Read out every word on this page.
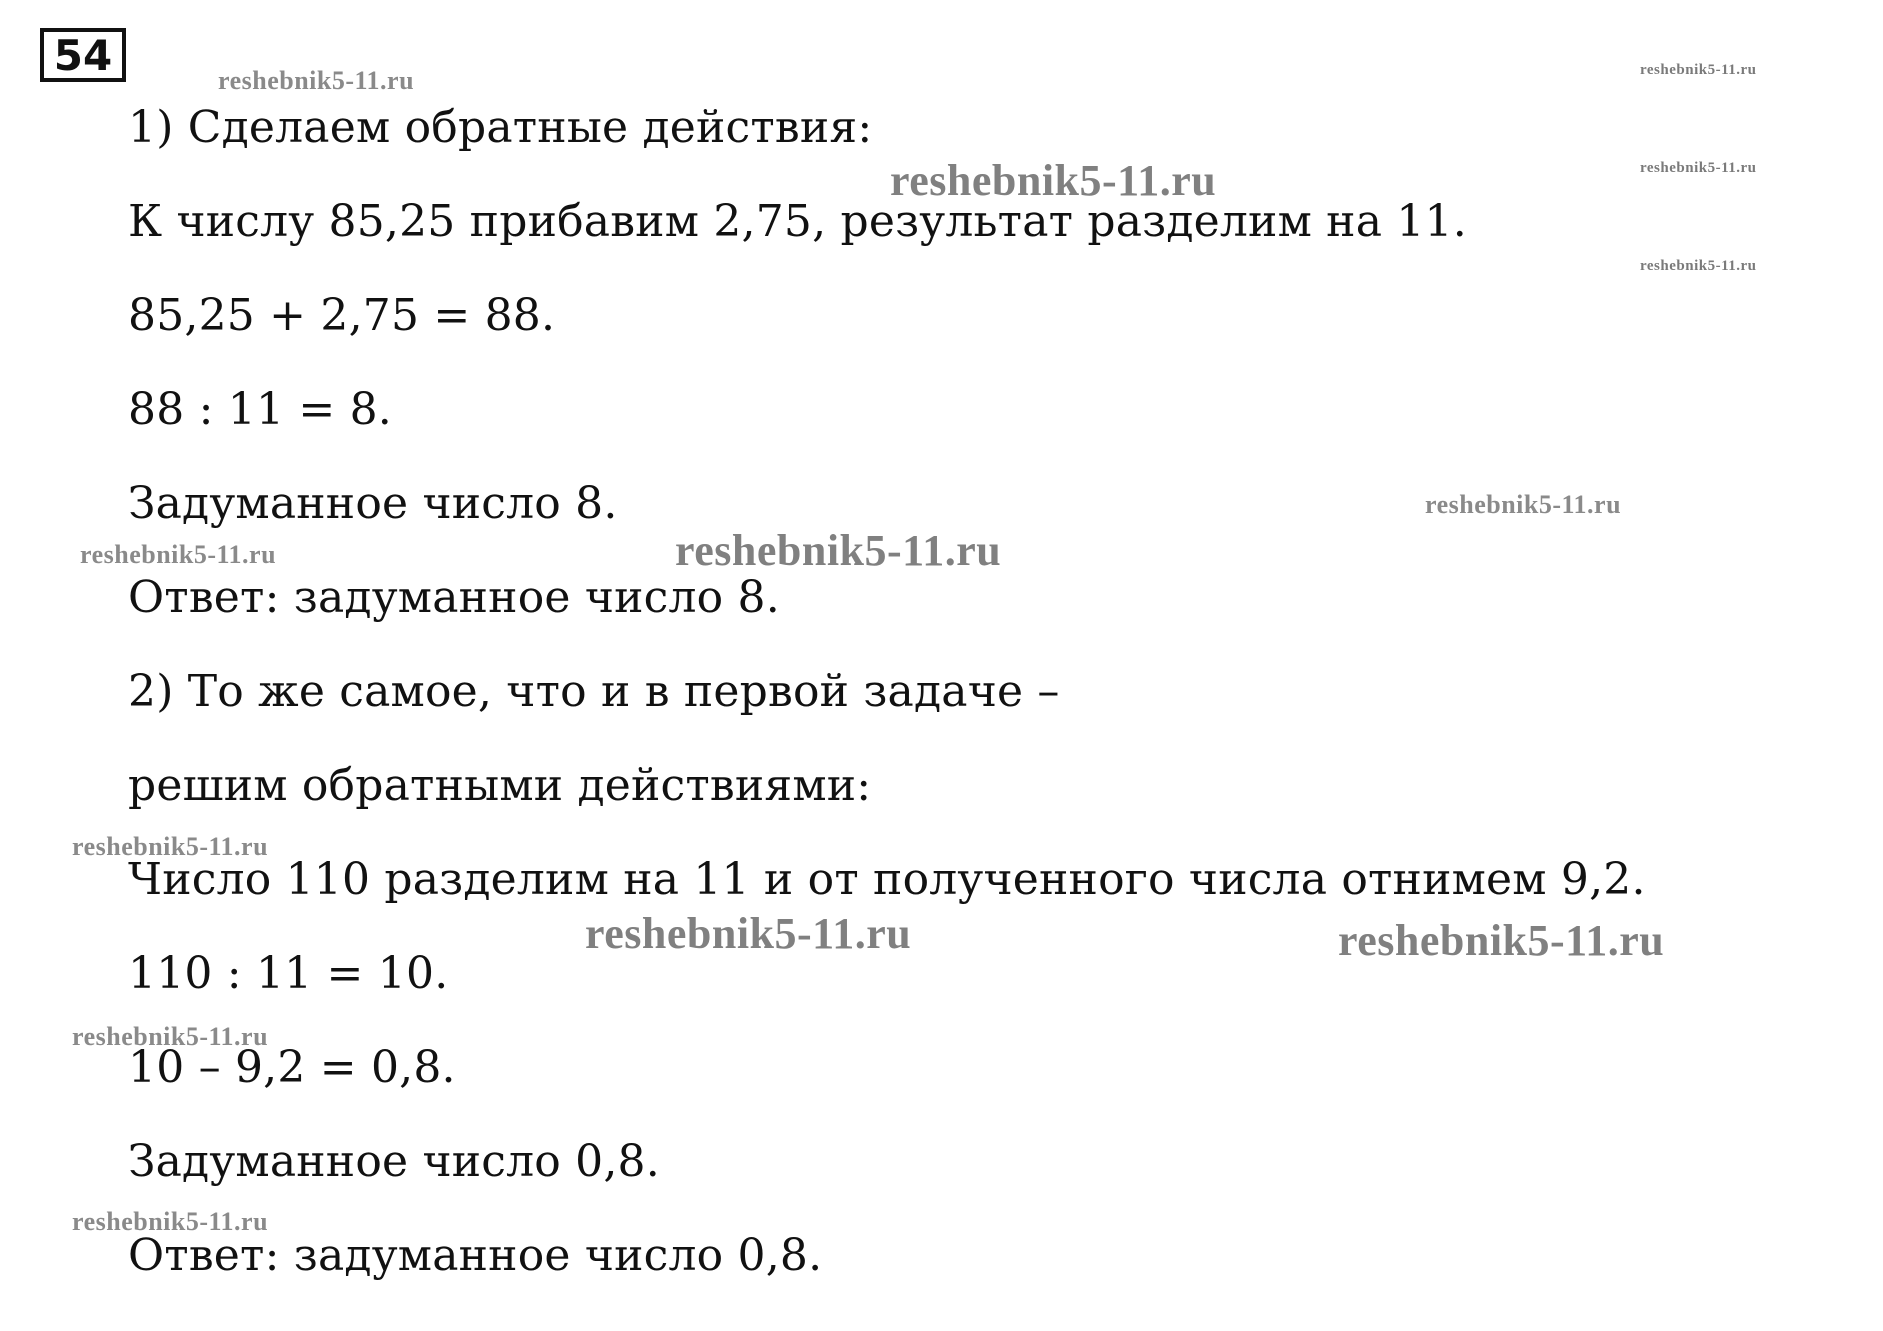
54
reshebnik5-11.ru	reshebnik5-11.ru
reshebnik5-11.ru	reshebnik5-11.ru
reshebnik5-11.ru
reshebnik5-11.ru
reshebnik5-11.ru	reshebnik5-11.ru
reshebnik5-11.ru
reshebnik5-11.ru	reshebnik5-11.ru
reshebnik5-11.ru
reshebnik5-11.ru
1) Сделаем обратные действия:
К числу 85,25 прибавим 2,75, результат разделим на 11.
85,25 + 2,75 = 88.
88 : 11 = 8.
Задуманное число 8.
Ответ: задуманное число 8.
2) То же самое, что и в первой задаче –
решим обратными действиями:
Число 110 разделим на 11 и от полученного числа отнимем 9,2.
110 : 11 = 10.
10 – 9,2 = 0,8.
Задуманное число 0,8.
Ответ: задуманное число 0,8.
